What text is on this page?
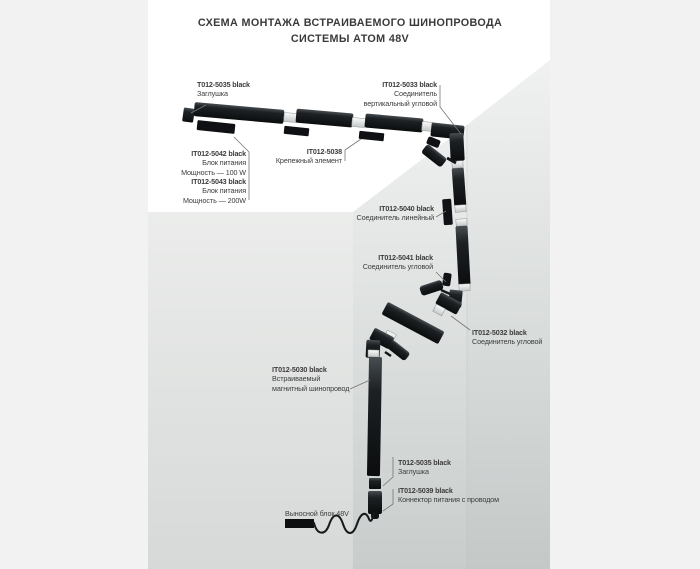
СХЕМА МОНТАЖА ВСТРАИВАЕМОГО ШИНОПРОВОДА
СИСТЕМЫ АТОМ 48V
T012-5035 black
Заглушка
IT012-5033 black
Соединитель
вертикальный угловой
IT012-5042 black
Блок питания
Мощность — 100 W
IT012-5043 black
Блок питания
Мощность — 200W
IT012-5038
Крепежный элемент
IT012-5040 black
Соединитель линейный
IT012-5041 black
Соединитель угловой
IT012-5032 black
Соединитель угловой
IT012-5030 black
Встраиваемый
магнитный шинопровод
T012-5035 black
Заглушка
IT012-5039 black
Коннектор питания с проводом
Выносной блок 48V
